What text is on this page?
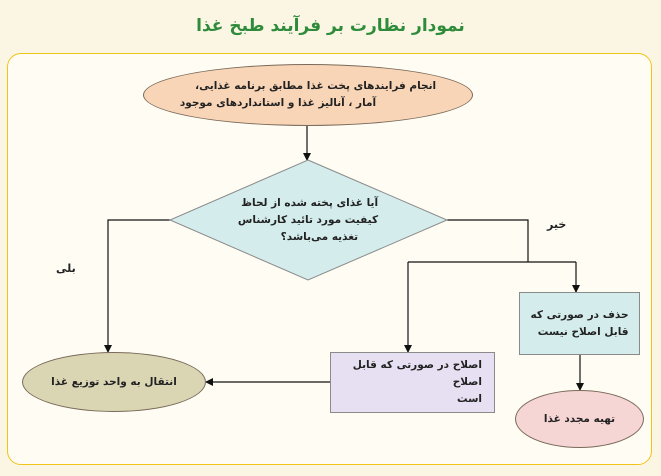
نمودار نظارت بر فرآیند طبخ غذا
انجام فرایندهای پخت غذا مطابق برنامه غذایی،
آمار ، آنالیز غذا و استانداردهای موجود
آیا غذای پخته شده از لحاظ
کیفیت مورد تائید کارشناس
تغذیه می‌باشد؟
حذف در صورتی که
قابل اصلاح نیست
اصلاح در صورتی که قابل اصلاح
است
انتقال به واحد توزیع غذا
تهیه مجدد غذا
بلی
خیر
